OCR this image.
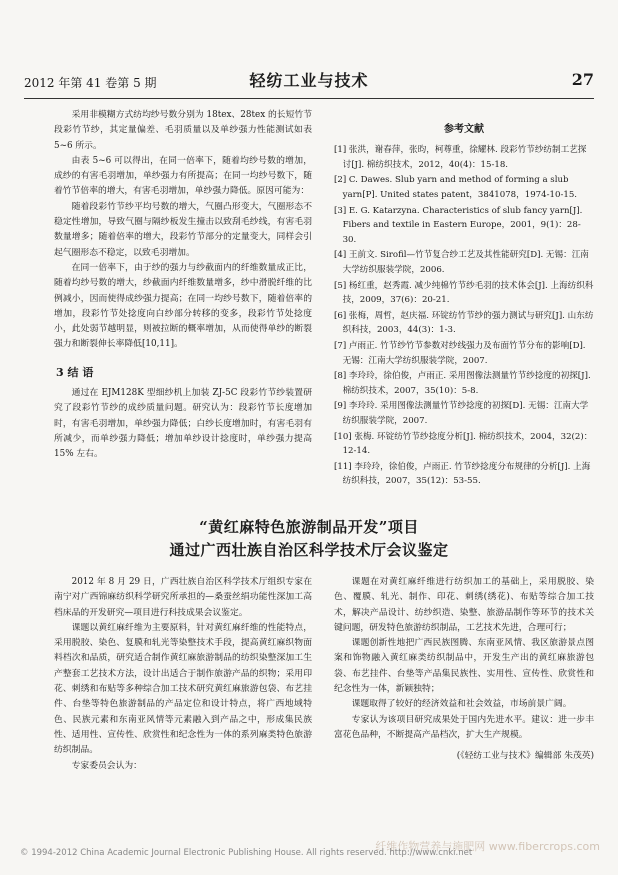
2012 年第 41 卷第 5 期	轻纺工业与技术	27

采用非模糊方式纺均纱号数分别为 18tex、28tex 的长短竹节段彩竹节纱，其定量偏差、毛羽质量以及单纱强力性能测试如表 5~6 所示。

由表 5~6 可以得出，在同一倍率下，随着均纱号数的增加，成纱的有害毛羽增加，单纱强力有所提高；在同一均纱号数下，随着竹节倍率的增大，有害毛羽增加，单纱强力降低。原因可能为：

随着段彩竹节纱平均号数的增大，气圈凸形变大，气圈形态不稳定性增加，导致气圈与隔纱板发生撞击以致刮毛纱线，有害毛羽数量增多；随着倍率的增大，段彩竹节部分的定量变大，同样会引起气圈形态不稳定，以致毛羽增加。

在同一倍率下，由于纱的强力与纱截面内的纤维数量成正比，随着均纱号数的增大，纱截面内纤维数量增多，纱中滑脱纤维的比例减小，因而使得成纱强力提高；在同一均纱号数下，随着倍率的增加，段彩竹节处捻度向白纱部分转移的变多，段彩竹节处捻度小，此处弱节越明显，则被拉断的概率增加，从而使得单纱的断裂强力和断裂伸长率降低[10,11]。

3 结 语

通过在 EJM128K 型细纱机上加装 ZJ-5C 段彩竹节纱装置研究了段彩竹节纱的成纱质量问题。研究认为：段彩竹节长度增加时，有害毛羽增加，单纱强力降低；白纱长度增加时，有害毛羽有所减少，而单纱强力降低；增加单纱设计捻度时，单纱强力提高 15% 左右。

参考文献

[1] 张洪，谢春萍，张昀，柯尊重，徐耀林. 段彩竹节纱纺制工艺探讨[J]. 棉纺织技术，2012，40(4)：15-18.

[2] C. Dawes. Slub yarn and method of forming a slub yarn[P]. United states patent，3841078，1974-10-15.

[3] E. G. Katarzyna. Characteristics of slub fancy yarn[J]. Fibers and textile in Eastern Europe，2001，9(1)：28-30.

[4] 王前文. Sirofil—竹节复合纱工艺及其性能研究[D]. 无锡：江南大学纺织服装学院，2006.

[5] 杨红重，赵秀霞. 减少纯棉竹节纱毛羽的技术体会[J]. 上海纺织科技，2009，37(6)：20-21.

[6] 张梅，周哲，赵庆福. 环锭纺竹节纱的强力测试与研究[J]. 山东纺织科技，2003，44(3)：1-3.

[7] 卢雨正. 竹节纱竹节参数对纱线强力及布面竹节分布的影响[D]. 无锡：江南大学纺织服装学院，2007.

[8] 李玲玲，徐伯俊，卢雨正. 采用图像法测量竹节纱捻度的初探[J]. 棉纺织技术，2007，35(10)：5-8.

[9] 李玲玲. 采用图像法测量竹节纱捻度的初探[D]. 无锡：江南大学纺织服装学院，2007.

[10] 张梅. 环锭纺竹节纱捻度分析[J]. 棉纺织技术，2004，32(2)：12-14.

[11] 李玲玲，徐伯俊，卢雨正. 竹节纱捻度分布规律的分析[J]. 上海纺织科技，2007，35(12)：53-55.

“黄红麻特色旅游制品开发”项目
通过广西壮族自治区科学技术厅会议鉴定

2012 年 8 月 29 日，广西壮族自治区科学技术厅组织专家在南宁对广西锦麻纺织科学研究所承担的—桑蚕丝绢功能性深加工高档床品的开发研究—项目进行科技成果会议鉴定。

课题以黄红麻纤维为主要原料，针对黄红麻纤维的性能特点，采用脱胶、染色、复膜和轧光等染整技术手段，提高黄红麻织物面料档次和品质，研究适合制作黄红麻旅游制品的纺织染整深加工生产整套工艺技术方法，设计出适合于制作旅游产品的织物；采用印花、刺绣和布贴等多种综合加工技术研究黄红麻旅游包袋、布艺挂件、台垫等特色旅游制品的产品定位和设计特点，将广西地域特色、民族元素和东南亚风情等元素融入到产品之中，形成集民族性、适用性、宣传性、欣赏性和纪念性为一体的系列麻类特色旅游纺织制品。

专家委员会认为：

课题在对黄红麻纤维进行纺织加工的基础上，采用脱胶、染色、覆膜、轧光、制作、印花、刺绣(绣花)、布贴等综合加工技术，解决产品设计、纺纱织造、染整、旅游品制作等环节的技术关键问题，研发特色旅游纺织制品，工艺技术先进，合理可行；

课题创新性地把广西民族图腾、东南亚风情、我区旅游景点图案和饰物融入黄红麻类纺织制品中，开发生产出的黄红麻旅游包袋、布艺挂件、台垫等产品集民族性、实用性、宣传性、欣赏性和纪念性为一体，新颖独特；

课题取得了较好的经济效益和社会效益，市场前景广阔。

专家认为该项目研究成果处于国内先进水平。建议：进一步丰富花色品种，不断提高产品档次，扩大生产规模。

(《轻纺工业与技术》编辑部 朱茂英)
纤维作物营养与施肥网 www.fibercrops.com
© 1994-2012 China Academic Journal Electronic Publishing House. All rights reserved. http://www.cnki.net
